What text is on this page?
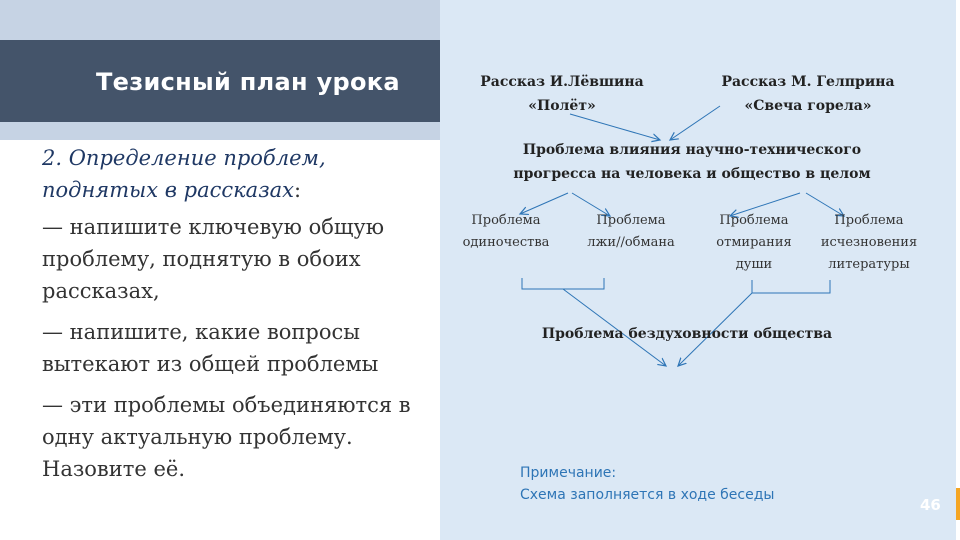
Тезисный план урока
2. Определение проблем, поднятых в рассказах:
— напишите ключевую общую проблему, поднятую в обоих рассказах,
— напишите, какие вопросы вытекают из общей проблемы
— эти проблемы объединяются в одну актуальную проблему. Назовите её.
Рассказ И.Лёвшина
«Полёт»
Рассказ М. Гелприна
«Свеча горела»
Проблема влияния научно-технического
прогресса на человека и общество в целом
Проблема
одиночества
Проблема
лжи//обмана
Проблема
отмирания
души
Проблема
исчезновения
литературы
Проблема бездуховности общества
Примечание:
Схема заполняется в ходе беседы
46
